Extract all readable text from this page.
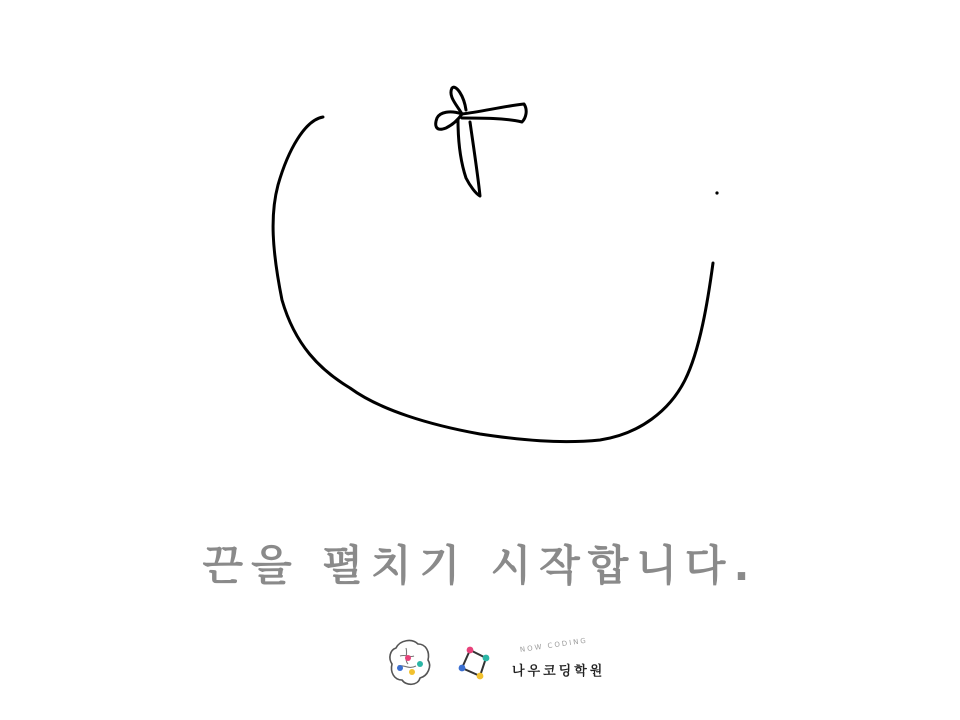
끈을 펼치기 시작합니다.
NOW CODING
나우코딩학원
